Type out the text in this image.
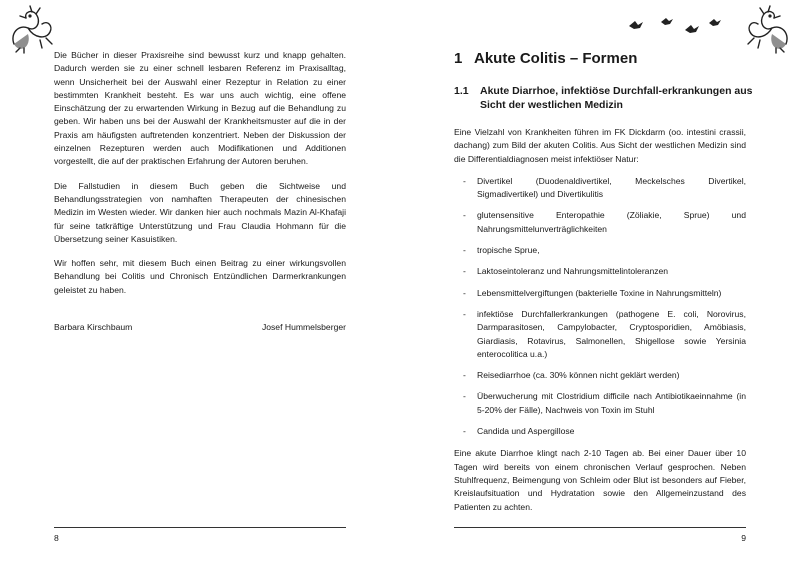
Die Bücher in dieser Praxisreihe sind bewusst kurz und knapp gehalten. Dadurch werden sie zu einer schnell lesbaren Referenz im Praxisalltag, wenn Unsicherheit bei der Auswahl einer Rezeptur in Relation zu einer bestimmten Krankheit besteht. Es war uns auch wichtig, eine offene Einschätzung der zu erwartenden Wirkung in Bezug auf die Behandlung zu geben. Wir haben uns bei der Auswahl der Krankheitsmuster auf die in der Praxis am häufigsten auftretenden konzentriert. Neben der Diskussion der einzelnen Rezepturen werden auch Modifikationen und Additionen vorgestellt, die auf der praktischen Erfahrung der Autoren beruhen.

Die Fallstudien in diesem Buch geben die Sichtweise und Behandlungsstrategien von namhaften Therapeuten der chinesischen Medizin im Westen wieder. Wir danken hier auch nochmals Mazin Al-Khafaji für seine tatkräftige Unterstützung und Frau Claudia Hohmann für die Übersetzung seiner Kasuistiken.

Wir hoffen sehr, mit diesem Buch einen Beitrag zu einer wirkungsvollen Behandlung bei Colitis und Chronisch Entzündlichen Darmerkrankungen geleistet zu haben.

Barbara Kirschbaum	Josef Hummelsberger
8
1 Akute Colitis – Formen
1.1	Akute Diarrhoe, infektiöse Durchfall-erkrankungen aus Sicht der westlichen Medizin

Eine Vielzahl von Krankheiten führen im FK Dickdarm (oo. intestini crassii, dachang) zum Bild der akuten Colitis. Aus Sicht der westlichen Medizin sind die Differentialdiagnosen meist infektiöser Natur:

- Divertikel (Duodenaldivertikel, Meckelsches Divertikel, Sigmadivertikel) und Divertikulitis
- glutensensitive Enteropathie (Zöliakie, Sprue) und Nahrungsmittelunverträglichkeiten
- tropische Sprue,
- Laktoseintoleranz und Nahrungsmittelintoleranzen
- Lebensmittelvergiftungen (bakterielle Toxine in Nahrungsmitteln)
- infektiöse Durchfallerkrankungen (pathogene E. coli, Norovirus, Darmparasitosen, Campylobacter, Cryptosporidien, Amöbiasis, Giardiasis, Rotavirus, Salmonellen, Shigellose sowie Yersinia enterocolitica u.a.)
- Reisediarrhoe (ca. 30% können nicht geklärt werden)
- Überwucherung mit Clostridium difficile nach Antibiotikaeinnahme (in 5-20% der Fälle), Nachweis von Toxin im Stuhl
- Candida und Aspergillose

Eine akute Diarrhoe klingt nach 2-10 Tagen ab. Bei einer Dauer über 10 Tagen wird bereits von einem chronischen Verlauf gesprochen. Neben Stuhlfrequenz, Beimengung von Schleim oder Blut ist besonders auf Fieber, Kreislaufsituation und Hydratation sowie den Allgemeinzustand des Patienten zu achten.

9
